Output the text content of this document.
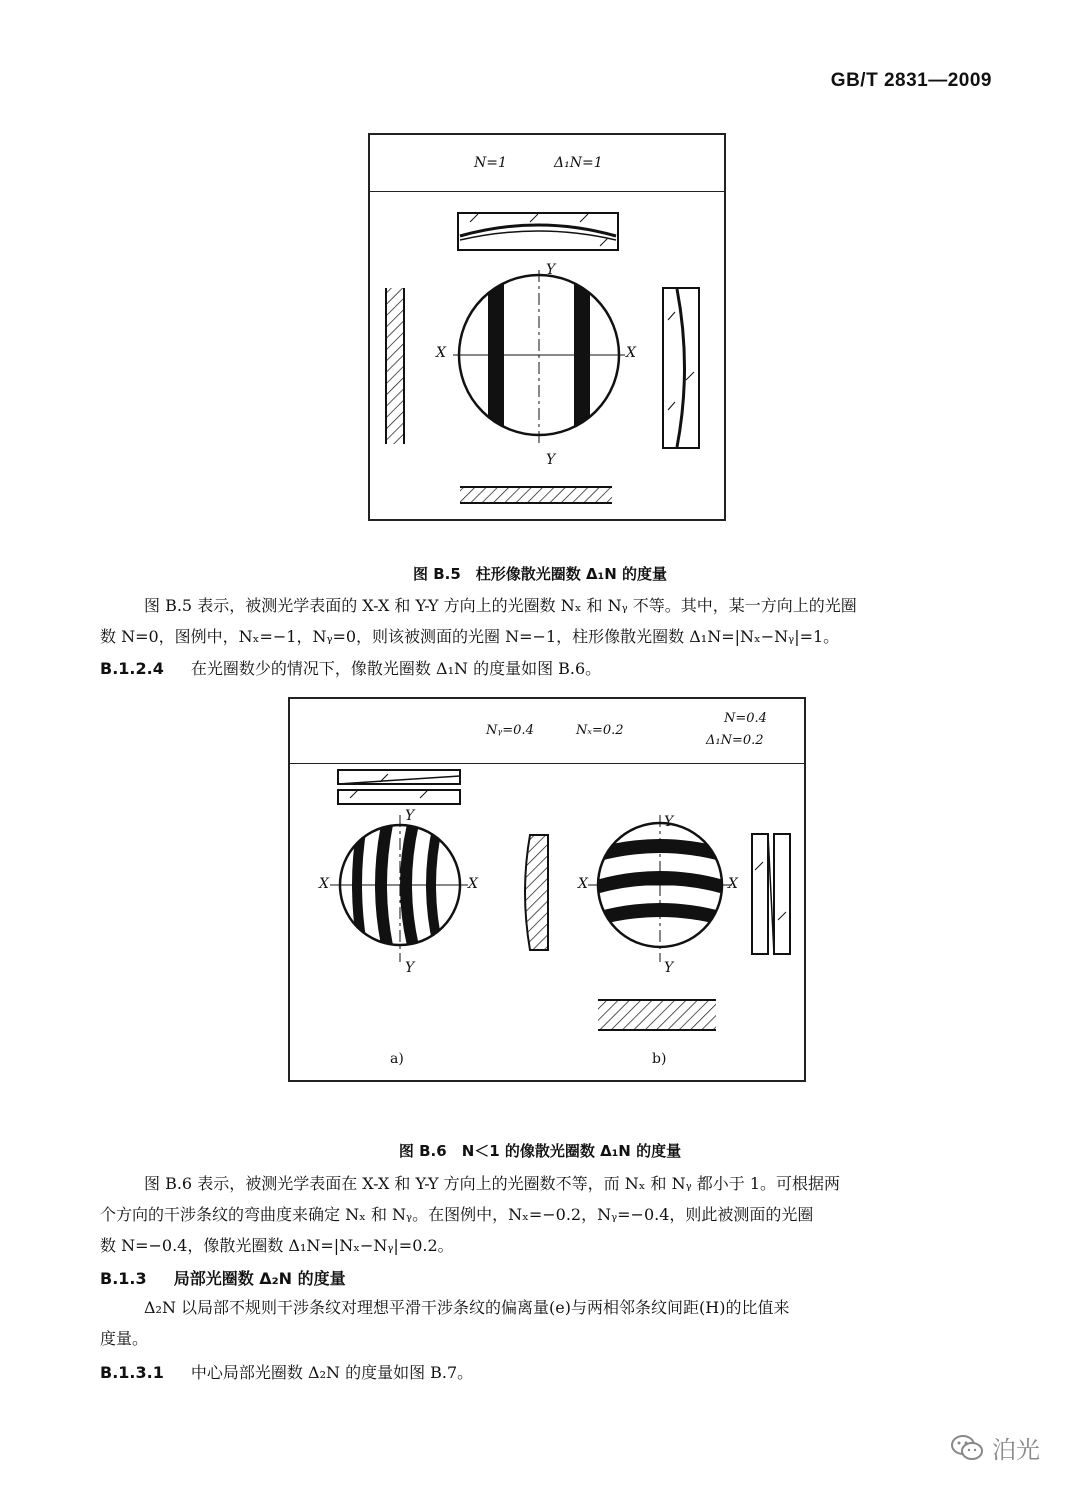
GB/T 2831—2009
N=1	Δ₁N=1
Y
Y
X	X
图 B.5　柱形像散光圈数 Δ₁N 的度量
图 B.5 表示，被测光学表面的 X-X 和 Y-Y 方向上的光圈数 Nₓ 和 Nᵧ 不等。其中，某一方向上的光圈
数 N=0，图例中，Nₓ=−1，Nᵧ=0，则该被测面的光圈 N=−1，柱形像散光圈数 Δ₁N=|Nₓ−Nᵧ|=1。
B.1.2.4 在光圈数少的情况下，像散光圈数 Δ₁N 的度量如图 B.6。
Nᵧ=0.4	Nₓ=0.2
N=0.4
Δ₁N=0.2
a)	b)
Y
Y
X	X
Y
Y
X	X
图 B.6　N＜1 的像散光圈数 Δ₁N 的度量
图 B.6 表示，被测光学表面在 X-X 和 Y-Y 方向上的光圈数不等，而 Nₓ 和 Nᵧ 都小于 1。可根据两
个方向的干涉条纹的弯曲度来确定 Nₓ 和 Nᵧ。在图例中，Nₓ=−0.2，Nᵧ=−0.4，则此被测面的光圈
数 N=−0.4，像散光圈数 Δ₁N=|Nₓ−Nᵧ|=0.2。
B.1.3 局部光圈数 Δ₂N 的度量
Δ₂N 以局部不规则干涉条纹对理想平滑干涉条纹的偏离量(e)与两相邻条纹间距(H)的比值来
度量。
B.1.3.1 中心局部光圈数 Δ₂N 的度量如图 B.7。
泊光
